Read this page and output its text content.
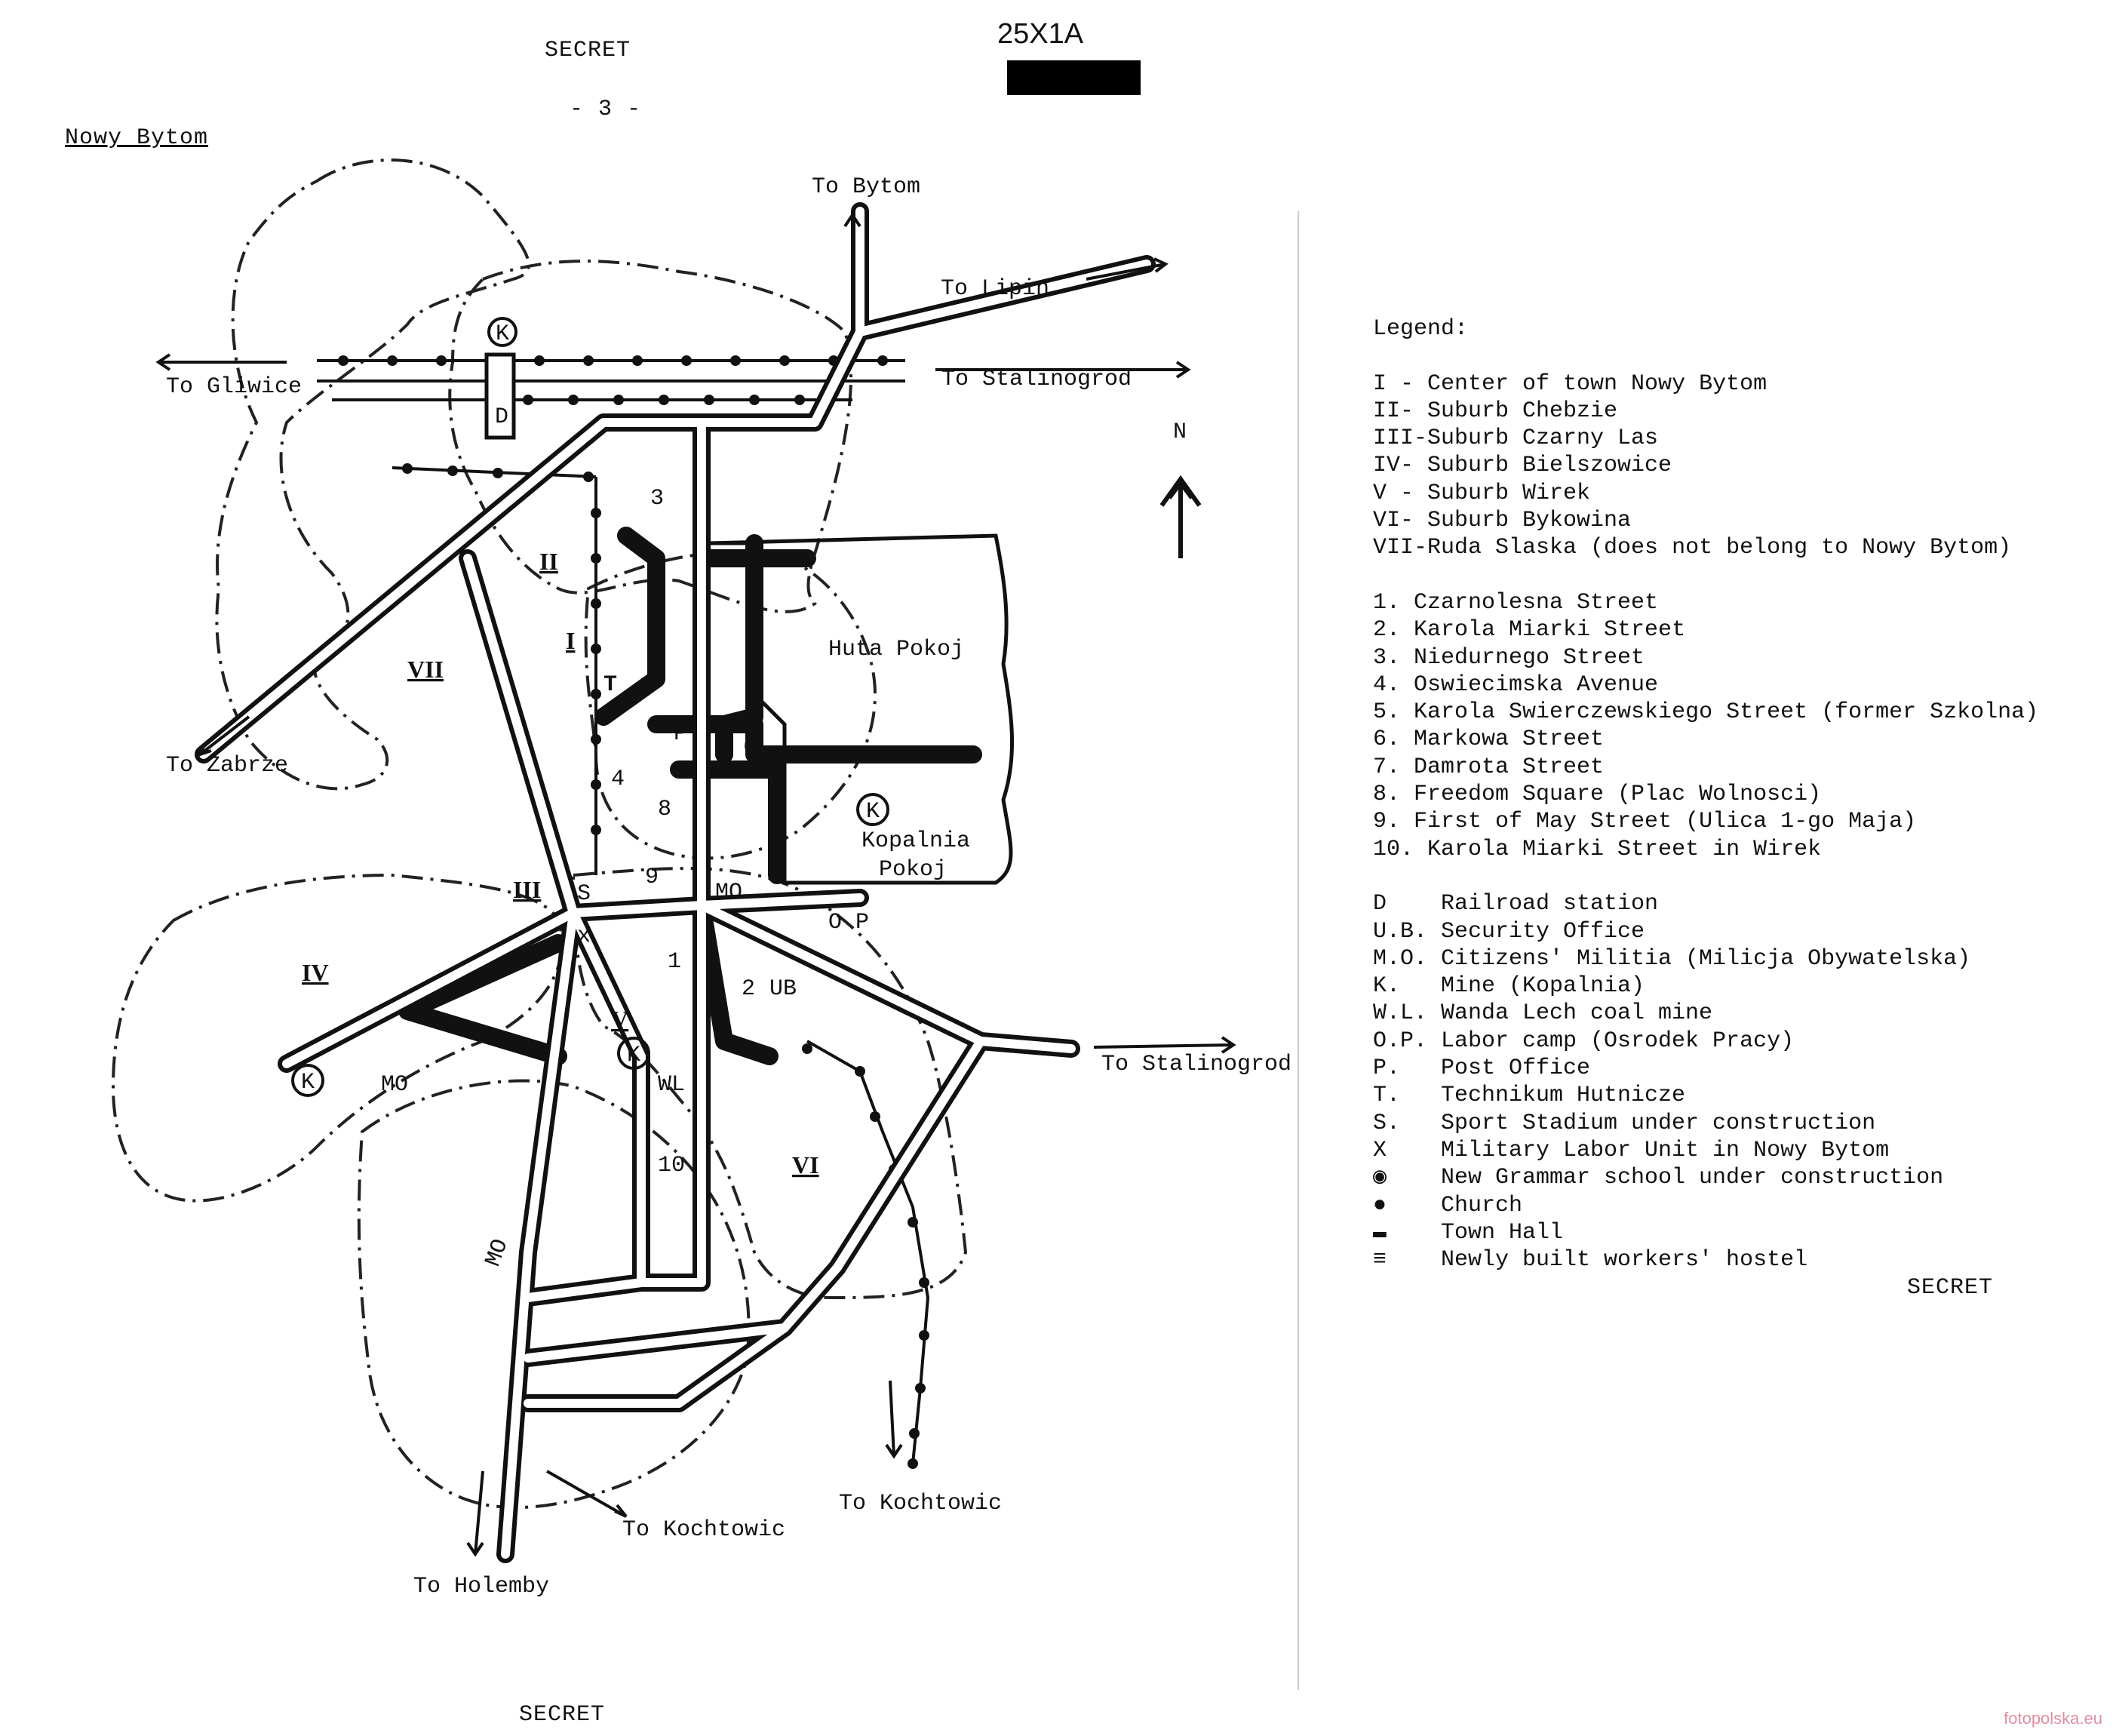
SECRET
25X1A
- 3 -
Nowy Bytom
N
To Bytom
To Lipin
To Gliwice	To Stalinogrod
To Zabrze
To Stalinogrod
To Kochtowic
To Kochtowic
To Holemby
Huta Pokoj
Kopalnia
Pokoj
WL
MO
MO
UB
O P
K
K
K
K
D
T
P
S
x
4
MO
I
II
III
IV
V
VI
VII
1
2
3
5
6
8
9
10
Legend:
I - Center of town Nowy Bytom
II- Suburb Chebzie
III-Suburb Czarny Las
IV- Suburb Bielszowice
V - Suburb Wirek
VI- Suburb Bykowina
VII-Ruda Slaska (does not belong to Nowy Bytom)
1. Czarnolesna Street
2. Karola Miarki Street
3. Niedurnego Street
4. Oswiecimska Avenue
5. Karola Swierczewskiego Street (former Szkolna)
6. Markowa Street
7. Damrota Street
8. Freedom Square (Plac Wolnosci)
9. First of May Street (Ulica 1-go Maja)
10. Karola Miarki Street in Wirek
D Railroad station
U.B. Security Office
M.O. Citizens' Militia (Milicja Obywatelska)
K. Mine (Kopalnia)
W.L. Wanda Lech coal mine
O.P. Labor camp (Osrodek Pracy)
P. Post Office
T. Technikum Hutnicze
S. Sport Stadium under construction
X Military Labor Unit in Nowy Bytom
◉ New Grammar school under construction
● Church
▬ Town Hall
≡ Newly built workers' hostel
SECRET
SECRET	fotopolska.eu
